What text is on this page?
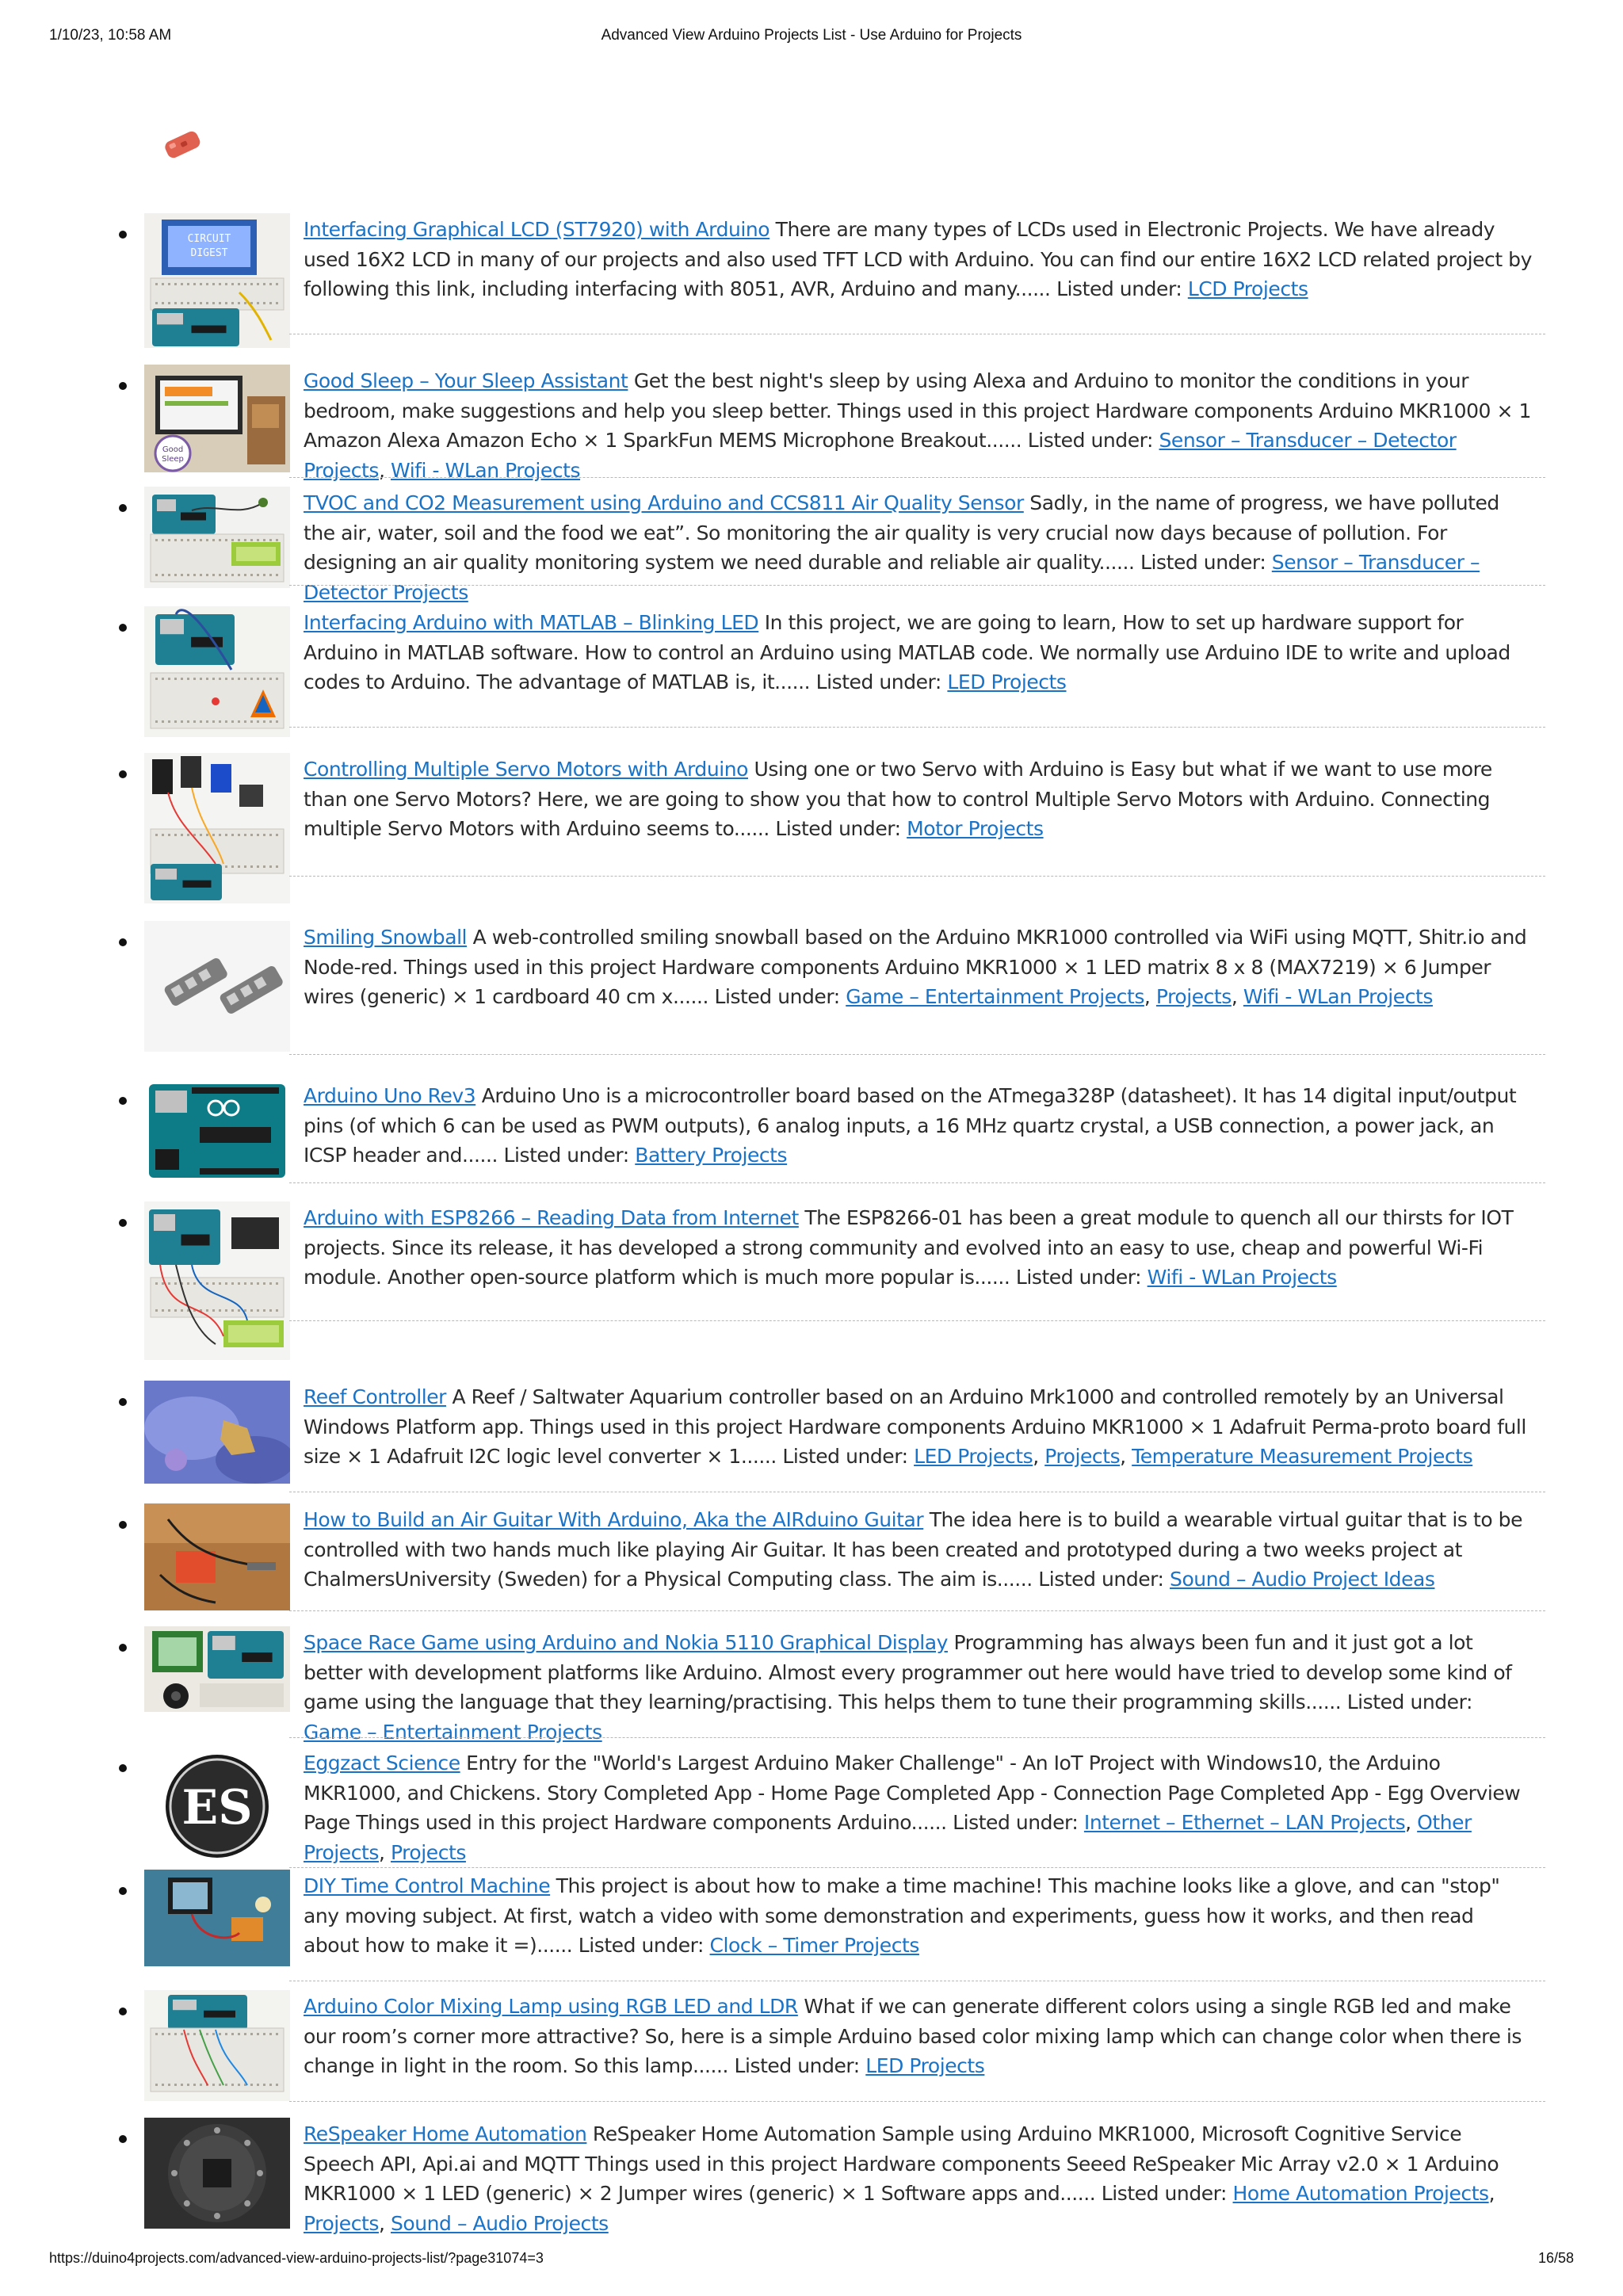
1/10/23, 10:58 AM	Advanced View Arduino Projects List - Use Arduino for Projects
CIRCUIT
DIGEST
Interfacing Graphical LCD (ST7920) with Arduino There are many types of LCDs used in Electronic Projects. We have already used 16X2 LCD in many of our projects and also used TFT LCD with Arduino. You can find our entire 16X2 LCD related project by following this link, including interfacing with 8051, AVR, Arduino and many...... Listed under: LCD Projects
Good
Sleep
Good Sleep – Your Sleep Assistant Get the best night's sleep by using Alexa and Arduino to monitor the conditions in your bedroom, make suggestions and help you sleep better. Things used in this project Hardware components Arduino MKR1000 × 1 Amazon Alexa Amazon Echo × 1 SparkFun MEMS Microphone Breakout...... Listed under: Sensor – Transducer – Detector Projects, Wifi - WLan Projects
TVOC and CO2 Measurement using Arduino and CCS811 Air Quality Sensor Sadly, in the name of progress, we have polluted the air, water, soil and the food we eat”. So monitoring the air quality is very crucial now days because of pollution. For designing an air quality monitoring system we need durable and reliable air quality...... Listed under: Sensor – Transducer – Detector Projects
Interfacing Arduino with MATLAB – Blinking LED In this project, we are going to learn, How to set up hardware support for Arduino in MATLAB software. How to control an Arduino using MATLAB code. We normally use Arduino IDE to write and upload codes to Arduino. The advantage of MATLAB is, it...... Listed under: LED Projects
Controlling Multiple Servo Motors with Arduino Using one or two Servo with Arduino is Easy but what if we want to use more than one Servo Motors? Here, we are going to show you that how to control Multiple Servo Motors with Arduino. Connecting multiple Servo Motors with Arduino seems to...... Listed under: Motor Projects
Smiling Snowball A web-controlled smiling snowball based on the Arduino MKR1000 controlled via WiFi using MQTT, Shitr.io and Node-red. Things used in this project Hardware components Arduino MKR1000 × 1 LED matrix 8 x 8 (MAX7219) × 6 Jumper wires (generic) × 1 cardboard 40 cm x...... Listed under: Game – Entertainment Projects, Projects, Wifi - WLan Projects
Arduino Uno Rev3 Arduino Uno is a microcontroller board based on the ATmega328P (datasheet). It has 14 digital input/output pins (of which 6 can be used as PWM outputs), 6 analog inputs, a 16 MHz quartz crystal, a USB connection, a power jack, an ICSP header and...... Listed under: Battery Projects
Arduino with ESP8266 – Reading Data from Internet The ESP8266-01 has been a great module to quench all our thirsts for IOT projects. Since its release, it has developed a strong community and evolved into an easy to use, cheap and powerful Wi-Fi module. Another open-source platform which is much more popular is...... Listed under: Wifi - WLan Projects
Reef Controller A Reef / Saltwater Aquarium controller based on an Arduino Mrk1000 and controlled remotely by an Universal Windows Platform app. Things used in this project Hardware components Arduino MKR1000 × 1 Adafruit Perma-proto board full size × 1 Adafruit I2C logic level converter × 1...... Listed under: LED Projects, Projects, Temperature Measurement Projects
How to Build an Air Guitar With Arduino, Aka the AIRduino Guitar The idea here is to build a wearable virtual guitar that is to be controlled with two hands much like playing Air Guitar. It has been created and prototyped during a two weeks project at ChalmersUniversity (Sweden) for a Physical Computing class. The aim is...... Listed under: Sound – Audio Project Ideas
Space Race Game using Arduino and Nokia 5110 Graphical Display Programming has always been fun and it just got a lot better with development platforms like Arduino. Almost every programmer out here would have tried to develop some kind of game using the language that they learning/practising. This helps them to tune their programming skills...... Listed under: Game – Entertainment Projects
ES
Eggzact Science Entry for the "World's Largest Arduino Maker Challenge" - An IoT Project with Windows10, the Arduino MKR1000, and Chickens. Story Completed App - Home Page Completed App - Connection Page Completed App - Egg Overview Page Things used in this project Hardware components Arduino...... Listed under: Internet – Ethernet – LAN Projects, Other Projects, Projects
DIY Time Control Machine This project is about how to make a time machine! This machine looks like a glove, and can "stop" any moving subject. At first, watch a video with some demonstration and experiments, guess how it works, and then read about how to make it =)...... Listed under: Clock – Timer Projects
Arduino Color Mixing Lamp using RGB LED and LDR What if we can generate different colors using a single RGB led and make our room’s corner more attractive? So, here is a simple Arduino based color mixing lamp which can change color when there is change in light in the room. So this lamp...... Listed under: LED Projects
ReSpeaker Home Automation ReSpeaker Home Automation Sample using Arduino MKR1000, Microsoft Cognitive Service Speech API, Api.ai and MQTT Things used in this project Hardware components Seeed ReSpeaker Mic Array v2.0 × 1 Arduino MKR1000 × 1 LED (generic) × 2 Jumper wires (generic) × 1 Software apps and...... Listed under: Home Automation Projects, Projects, Sound – Audio Projects
https://duino4projects.com/advanced-view-arduino-projects-list/?page31074=3	16/58
